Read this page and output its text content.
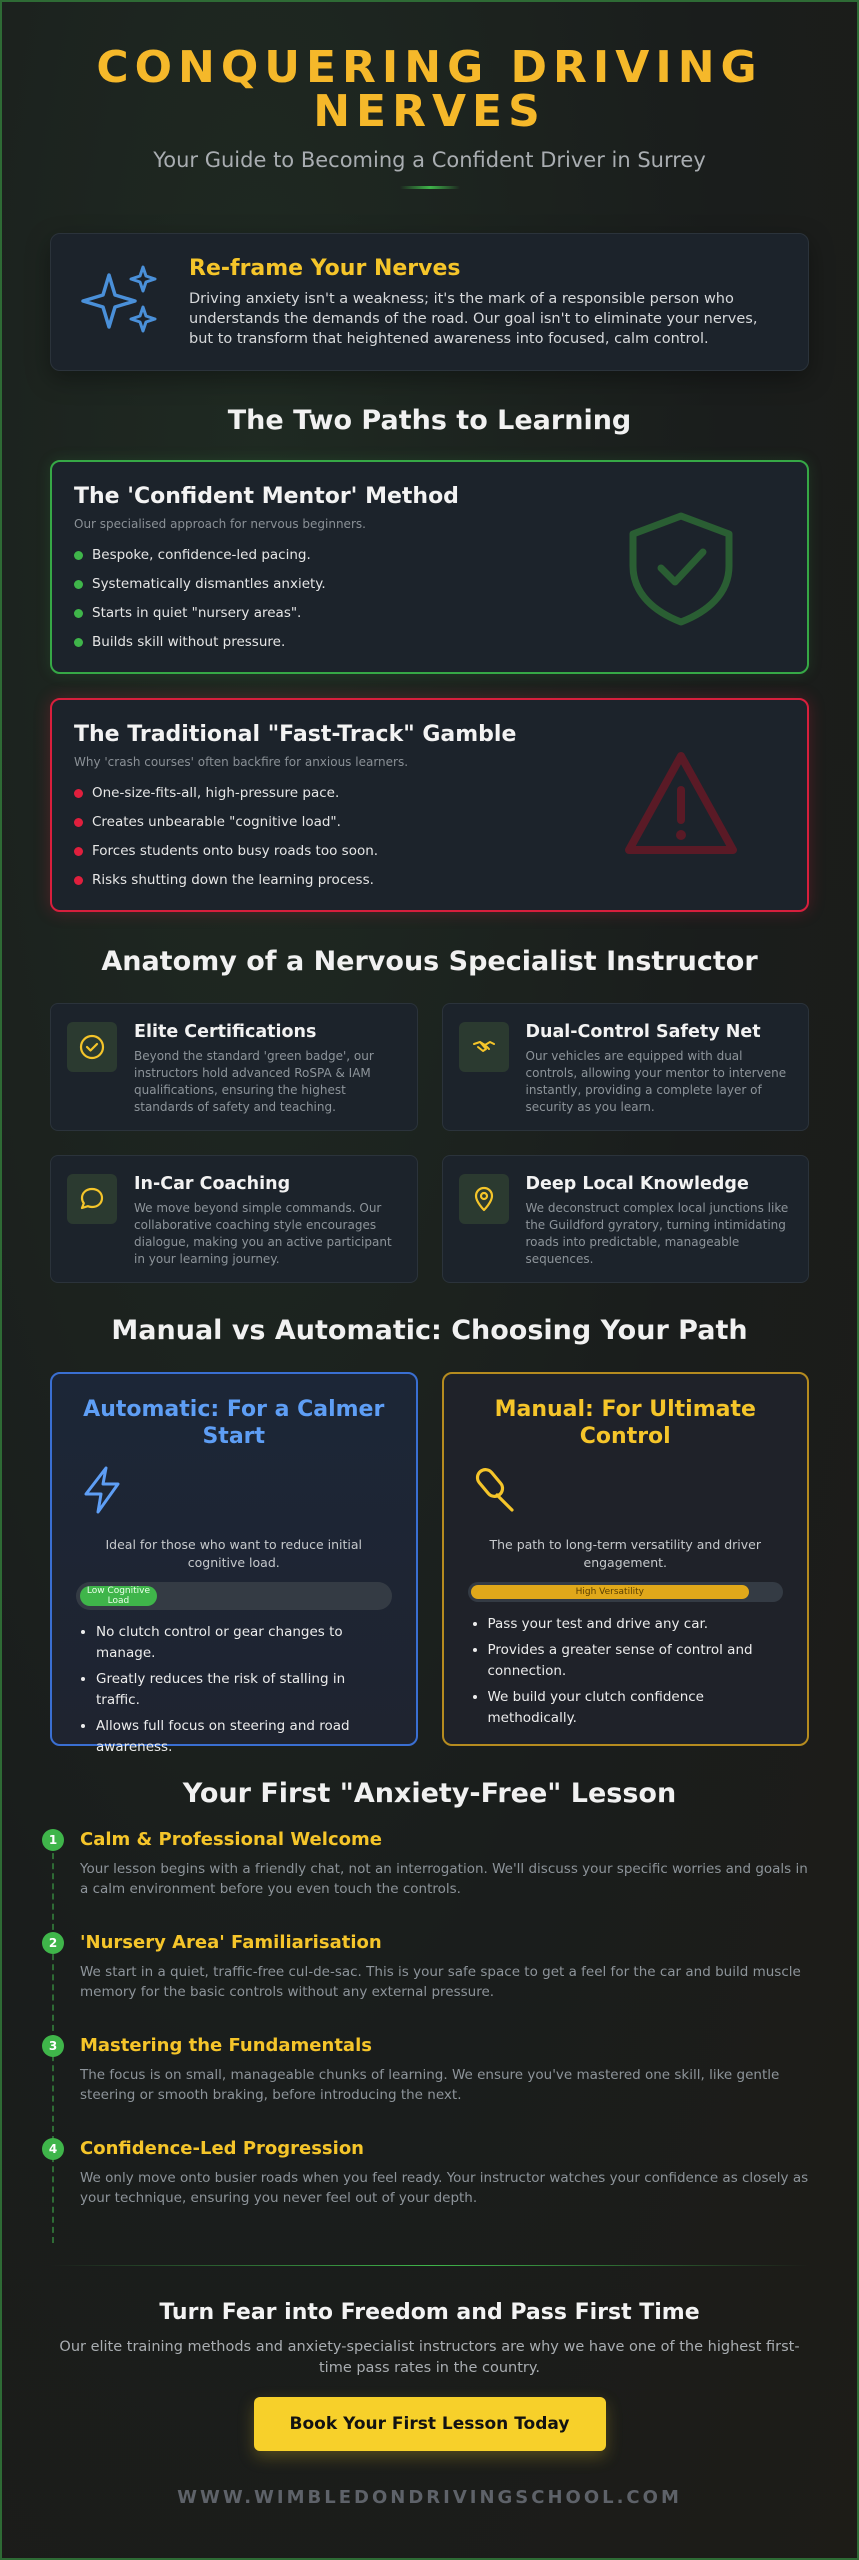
CONQUERING DRIVING NERVES
Your Guide to Becoming a Confident Driver in Surrey
Re-frame Your Nerves

Driving anxiety isn't a weakness; it's the mark of a responsible person who understands the demands of the road. Our goal isn't to eliminate your nerves, but to transform that heightened awareness into focused, calm control.

The Two Paths to Learning
The 'Confident Mentor' Method
Our specialised approach for nervous beginners.
Bespoke, confidence-led pacing.
Systematically dismantles anxiety.
Starts in quiet "nursery areas".
Builds skill without pressure.
The Traditional "Fast-Track" Gamble
Why 'crash courses' often backfire for anxious learners.
One-size-fits-all, high-pressure pace.
Creates unbearable "cognitive load".
Forces students onto busy roads too soon.
Risks shutting down the learning process.
Anatomy of a Nervous Specialist Instructor
Elite Certifications

Beyond the standard 'green badge', our instructors hold advanced RoSPA & IAM qualifications, ensuring the highest standards of safety and teaching.

Dual-Control Safety Net

Our vehicles are equipped with dual controls, allowing your mentor to intervene instantly, providing a complete layer of security as you learn.

In-Car Coaching

We move beyond simple commands. Our collaborative coaching style encourages dialogue, making you an active participant in your learning journey.

Deep Local Knowledge

We deconstruct complex local junctions like the Guildford gyratory, turning intimidating roads into predictable, manageable sequences.

Manual vs Automatic: Choosing Your Path
Automatic: For a Calmer Start
Ideal for those who want to reduce initial cognitive load.
Low Cognitive Load
• No clutch control or gear changes to manage.
• Greatly reduces the risk of stalling in traffic.
• Allows full focus on steering and road awareness.
Manual: For Ultimate Control
The path to long-term versatility and driver engagement.
High Versatility
• Pass your test and drive any car.
• Provides a greater sense of control and connection.
• We build your clutch confidence methodically.
Your First "Anxiety-Free" Lesson
1	Calm & Professional Welcome

Your lesson begins with a friendly chat, not an interrogation. We'll discuss your specific worries and goals in a calm environment before you even touch the controls.

2	'Nursery Area' Familiarisation

We start in a quiet, traffic-free cul-de-sac. This is your safe space to get a feel for the car and build muscle memory for the basic controls without any external pressure.

3	Mastering the Fundamentals

The focus is on small, manageable chunks of learning. We ensure you've mastered one skill, like gentle steering or smooth braking, before introducing the next.

4	Confidence-Led Progression

We only move onto busier roads when you feel ready. Your instructor watches your confidence as closely as your technique, ensuring you never feel out of your depth.

Turn Fear into Freedom and Pass First Time

Our elite training methods and anxiety-specialist instructors are why we have one of the highest first-time pass rates in the country.

Book Your First Lesson Today
WWW.WIMBLEDONDRIVINGSCHOOL.COM
